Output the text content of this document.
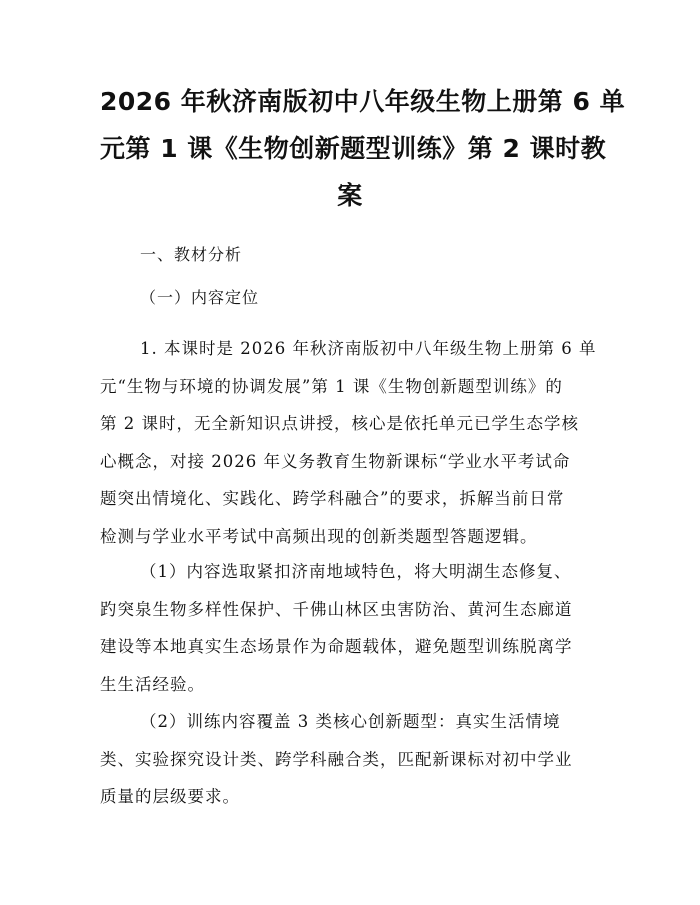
2026 年秋济南版初中八年级生物上册第 6 单
元第 1 课《生物创新题型训练》第 2 课时教
案

一、教材分析

（一）内容定位

1. 本课时是 2026 年秋济南版初中八年级生物上册第 6 单
元“生物与环境的协调发展”第 1 课《生物创新题型训练》的
第 2 课时，无全新知识点讲授，核心是依托单元已学生态学核
心概念，对接 2026 年义务教育生物新课标“学业水平考试命
题突出情境化、实践化、跨学科融合”的要求，拆解当前日常
检测与学业水平考试中高频出现的创新类题型答题逻辑。
（1）内容选取紧扣济南地域特色，将大明湖生态修复、
趵突泉生物多样性保护、千佛山林区虫害防治、黄河生态廊道
建设等本地真实生态场景作为命题载体，避免题型训练脱离学
生生活经验。
（2）训练内容覆盖 3 类核心创新题型：真实生活情境
类、实验探究设计类、跨学科融合类，匹配新课标对初中学业
质量的层级要求。
